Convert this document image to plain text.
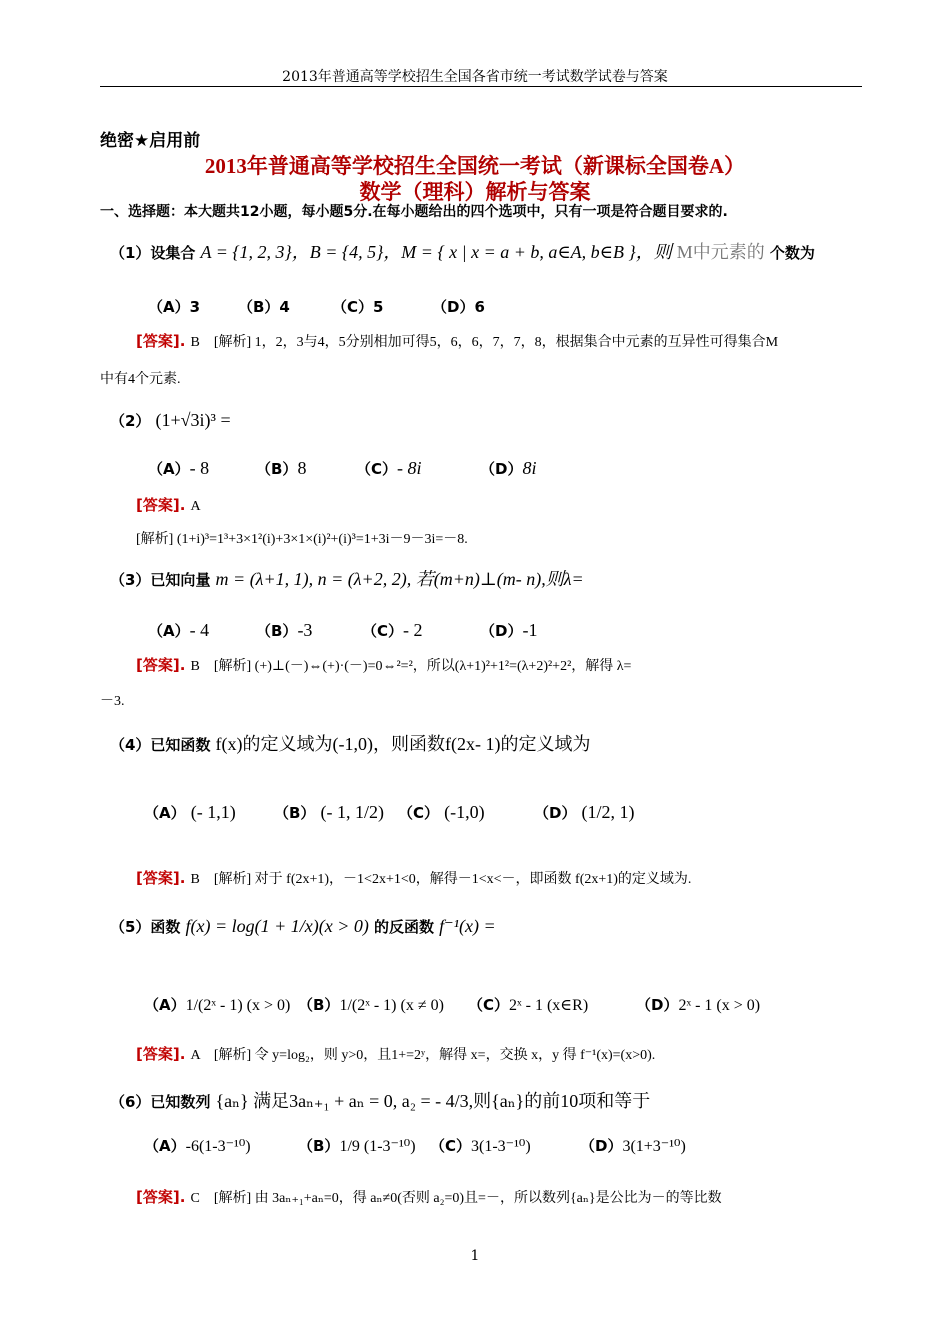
2013年普通高等学校招生全国各省市统一考试数学试卷与答案
绝密★启用前
2013年普通高等学校招生全国统一考试（新课标全国卷A）
数学（理科）解析与答案
一、选择题：本大题共12小题，每小题5分.在每小题给出的四个选项中，只有一项是符合题目要求的.
（1）设集合 A = {1, 2, 3}，B = {4, 5}，M = { x | x = a + b, a∈A, b∈B }，则 M中元素的 个数为
（A）3	（B）4	（C）5	（D）6
[答案]. B　[解析] 1，2，3与4，5分别相加可得5，6，6，7，7，8，根据集合中元素的互异性可得集合M
中有4个元素.
（2） (1+√3i)³ =
（A）- 8	（B）8	（C）- 8i	（D）8i
[答案]. A
[解析] (1+i)³=1³+3×1²(i)+3×1×(i)²+(i)³=1+3i－9－3i=－8.
（3）已知向量 m = (λ+1, 1), n = (λ+2, 2), 若(m+n)⊥(m- n),则λ=
（A）- 4	（B）-3	（C）- 2	（D）-1
[答案]. B　[解析] (+)⊥(－)⇔(+)·(－)=0⇔²=²，所以(λ+1)²+1²=(λ+2)²+2²，解得 λ=
－3.
（4）已知函数 f(x)的定义域为(-1,0)，则函数f(2x- 1)的定义域为
（A） (- 1,1)	（B） (- 1, 1/2) （C） (-1,0)	（D） (1/2, 1)
[答案]. B　[解析] 对于 f(2x+1)，－1<2x+1<0，解得－1<x<－，即函数 f(2x+1)的定义域为.
（5）函数 f(x) = log(1 + 1/x)(x > 0) 的反函数 f⁻¹(x) =
（A）1/(2ˣ - 1) (x > 0) （B）1/(2ˣ - 1) (x ≠ 0) （C）2ˣ - 1 (x∈R)	（D）2ˣ - 1 (x > 0)
[答案]. A　[解析] 令 y=log₂，则 y>0，且1+=2ʸ，解得 x=，交换 x，y 得 f⁻¹(x)=(x>0).
（6）已知数列 {aₙ} 满足3aₙ₊₁ + aₙ = 0, a₂ = - 4/3,则{aₙ}的前10项和等于
（A）-6(1-3⁻¹⁰)	（B）1/9 (1-3⁻¹⁰) （C）3(1-3⁻¹⁰)	（D）3(1+3⁻¹⁰)
[答案]. C　[解析] 由 3aₙ₊₁+aₙ=0，得 aₙ≠0(否则 a₂=0)且=－，所以数列{aₙ}是公比为－的等比数
1
